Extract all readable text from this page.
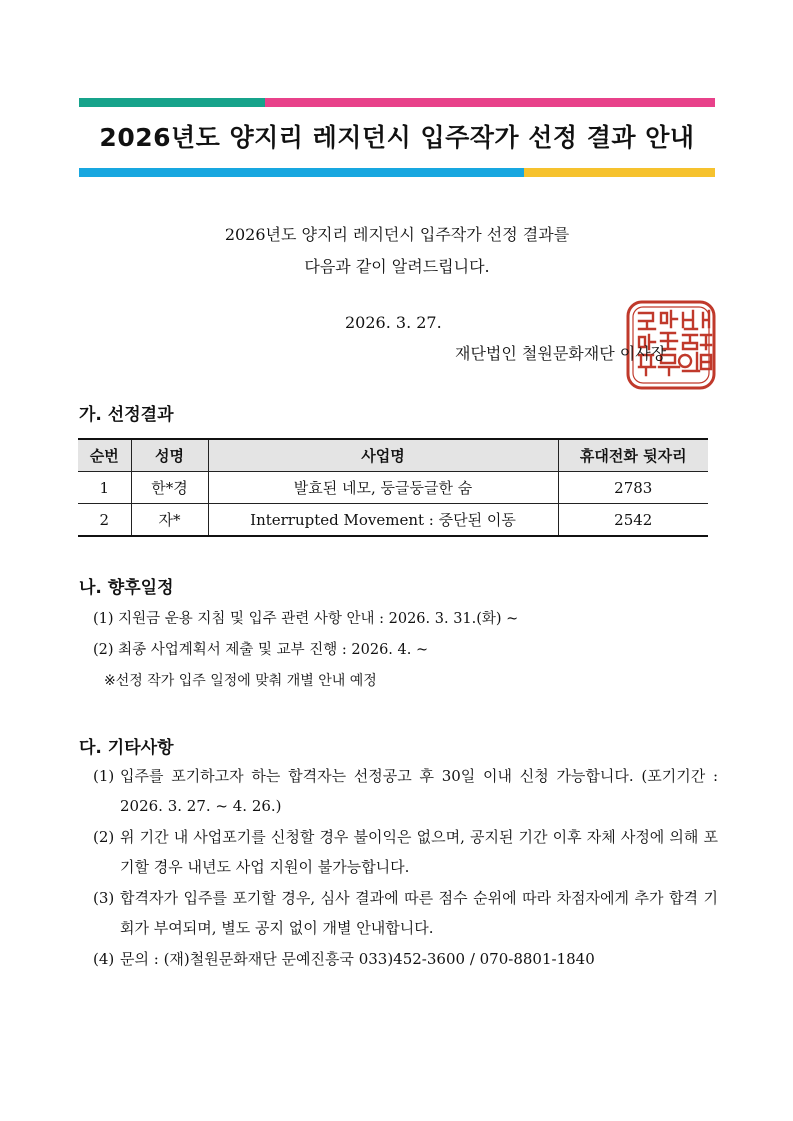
2026년도 양지리 레지던시 입주작가 선정 결과 안내
2026년도 양지리 레지던시 입주작가 선정 결과를
다음과 같이 알려드립니다.
2026. 3. 27.
재단법인 철원문화재단 이사장
가. 선정결과
순번	성명	사업명	휴대전화 뒷자리
1	한*경	발효된 네모, 둥글둥글한 숨	2783
2	자*	Interrupted Movement : 중단된 이동	2542
나. 향후일정
(1) 지원금 운용 지침 및 입주 관련 사항 안내 : 2026. 3. 31.(화) ~
(2) 최종 사업계획서 제출 및 교부 진행 : 2026. 4. ~
※선정 작가 입주 일정에 맞춰 개별 안내 예정
다. 기타사항
(1) 입주를 포기하고자 하는 합격자는 선정공고 후 30일 이내 신청 가능합니다. (포기기간 : 2026. 3. 27. ~ 4. 26.)
(2) 위 기간 내 사업포기를 신청할 경우 불이익은 없으며, 공지된 기간 이후 자체 사정에 의해 포기할 경우 내년도 사업 지원이 불가능합니다.
(3) 합격자가 입주를 포기할 경우, 심사 결과에 따른 점수 순위에 따라 차점자에게 추가 합격 기회가 부여되며, 별도 공지 없이 개별 안내합니다.
(4) 문의 : (재)철원문화재단 문예진흥국 033)452-3600 / 070-8801-1840
